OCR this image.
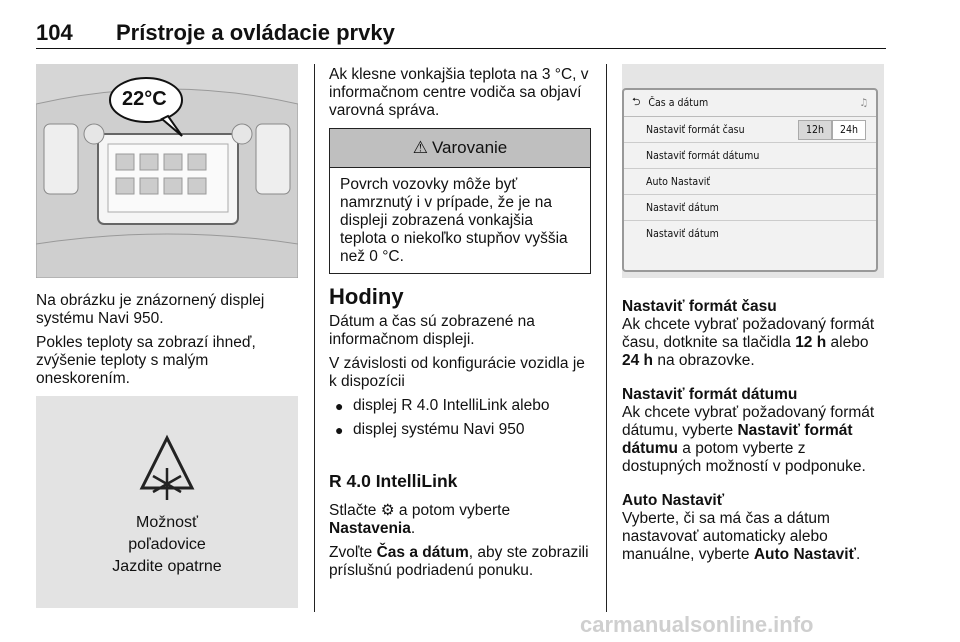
104 Prístroje a ovládacie prvky
22°C

Na obrázku je znázornený displej systému Navi 950.

Pokles teploty sa zobrazí ihneď, zvýšenie teploty s malým oneskorením.

Možnosť
poľadovice
Jazdite opatrne
Ak klesne vonkajšia teplota na 3 °C, v informačnom centre vodiča sa objaví varovná správa.
⚠ Varovanie
Povrch vozovky môže byť namrznutý i v prípade, že je na displeji zobrazená vonkajšia teplota o niekoľko stupňov vyššia než 0 °C.
Hodiny

Dátum a čas sú zobrazené na informačnom displeji.

V závislosti od konfigurácie vozidla je k dispozícii

● displej R 4.0 IntelliLink alebo
● displej systému Navi 950
R 4.0 IntelliLink

Stlačte ⚙ a potom vyberte
Nastavenia.

Zvoľte Čas a dátum, aby ste zobrazili príslušnú podriadenú ponuku.

⮌ Čas a dátum	♫
Nastaviť formát času	12h	24h
Nastaviť formát dátumu
Auto Nastaviť
Nastaviť dátum
Nastaviť dátum

Nastaviť formát času

Ak chcete vybrať požadovaný formát času, dotknite sa tlačidla 12 h alebo 24 h na obrazovke.

Nastaviť formát dátumu

Ak chcete vybrať požadovaný formát dátumu, vyberte Nastaviť formát dátumu a potom vyberte z dostupných možností v podponuke.

Auto Nastaviť

Vyberte, či sa má čas a dátum nastavovať automaticky alebo manuálne, vyberte Auto Nastaviť.

carmanualsonline.info
